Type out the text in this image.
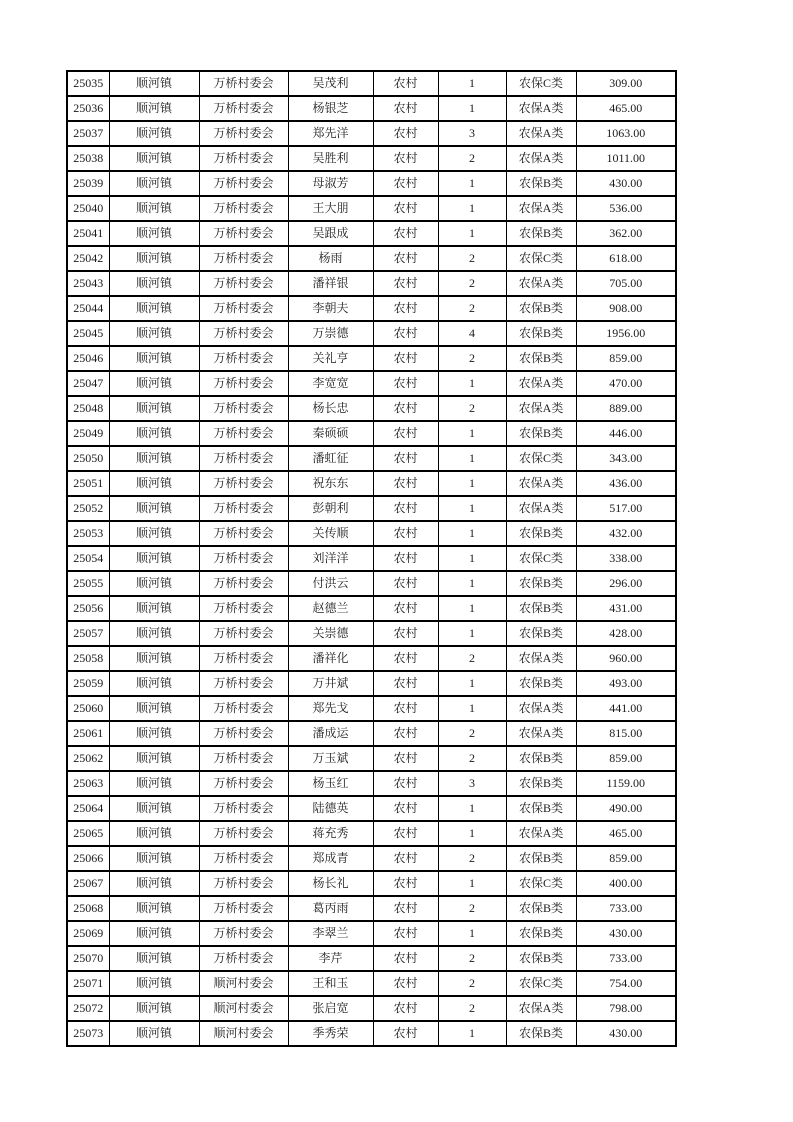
25035	顺河镇	万桥村委会	吴茂利	农村	1	农保C类	309.00
25036	顺河镇	万桥村委会	杨银芝	农村	1	农保A类	465.00
25037	顺河镇	万桥村委会	郑先洋	农村	3	农保A类	1063.00
25038	顺河镇	万桥村委会	吴胜利	农村	2	农保A类	1011.00
25039	顺河镇	万桥村委会	母淑芳	农村	1	农保B类	430.00
25040	顺河镇	万桥村委会	王大朋	农村	1	农保A类	536.00
25041	顺河镇	万桥村委会	吴跟成	农村	1	农保B类	362.00
25042	顺河镇	万桥村委会	杨雨	农村	2	农保C类	618.00
25043	顺河镇	万桥村委会	潘祥银	农村	2	农保A类	705.00
25044	顺河镇	万桥村委会	李朝夫	农村	2	农保B类	908.00
25045	顺河镇	万桥村委会	万崇德	农村	4	农保B类	1956.00
25046	顺河镇	万桥村委会	关礼亨	农村	2	农保B类	859.00
25047	顺河镇	万桥村委会	李宽宽	农村	1	农保A类	470.00
25048	顺河镇	万桥村委会	杨长忠	农村	2	农保A类	889.00
25049	顺河镇	万桥村委会	秦硕硕	农村	1	农保B类	446.00
25050	顺河镇	万桥村委会	潘虹征	农村	1	农保C类	343.00
25051	顺河镇	万桥村委会	祝东东	农村	1	农保A类	436.00
25052	顺河镇	万桥村委会	彭朝利	农村	1	农保A类	517.00
25053	顺河镇	万桥村委会	关传顺	农村	1	农保B类	432.00
25054	顺河镇	万桥村委会	刘洋洋	农村	1	农保C类	338.00
25055	顺河镇	万桥村委会	付洪云	农村	1	农保B类	296.00
25056	顺河镇	万桥村委会	赵德兰	农村	1	农保B类	431.00
25057	顺河镇	万桥村委会	关崇德	农村	1	农保B类	428.00
25058	顺河镇	万桥村委会	潘祥化	农村	2	农保A类	960.00
25059	顺河镇	万桥村委会	万井斌	农村	1	农保B类	493.00
25060	顺河镇	万桥村委会	郑先戈	农村	1	农保A类	441.00
25061	顺河镇	万桥村委会	潘成运	农村	2	农保A类	815.00
25062	顺河镇	万桥村委会	万玉斌	农村	2	农保B类	859.00
25063	顺河镇	万桥村委会	杨玉红	农村	3	农保B类	1159.00
25064	顺河镇	万桥村委会	陆德英	农村	1	农保B类	490.00
25065	顺河镇	万桥村委会	蒋充秀	农村	1	农保A类	465.00
25066	顺河镇	万桥村委会	郑成青	农村	2	农保B类	859.00
25067	顺河镇	万桥村委会	杨长礼	农村	1	农保C类	400.00
25068	顺河镇	万桥村委会	葛丙雨	农村	2	农保B类	733.00
25069	顺河镇	万桥村委会	李翠兰	农村	1	农保B类	430.00
25070	顺河镇	万桥村委会	李芹	农村	2	农保B类	733.00
25071	顺河镇	顺河村委会	王和玉	农村	2	农保C类	754.00
25072	顺河镇	顺河村委会	张启宽	农村	2	农保A类	798.00
25073	顺河镇	顺河村委会	季秀荣	农村	1	农保B类	430.00
